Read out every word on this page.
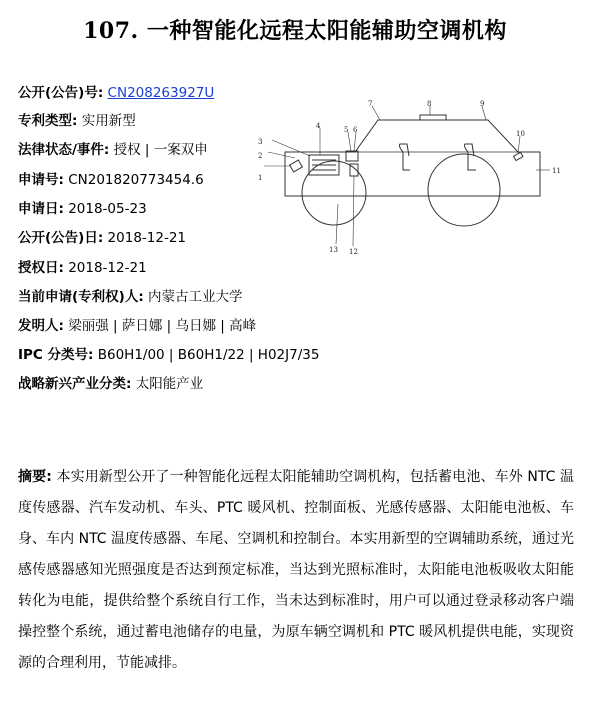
107. 一种智能化远程太阳能辅助空调机构
公开(公告)号: CN208263927U
专利类型: 实用新型
法律状态/事件: 授权 | 一案双申
申请号: CN201820773454.6
申请日: 2018-05-23
公开(公告)日: 2018-12-21
授权日: 2018-12-21
当前申请(专利权)人: 内蒙古工业大学
发明人: 梁丽强 | 萨日娜 | 乌日娜 | 高峰
IPC 分类号: B60H1/00 | B60H1/22 | H02J7/35
战略新兴产业分类: 太阳能产业
1
2
3
4	5 6
7	8	9
10
11
12
13
摘要: 本实用新型公开了一种智能化远程太阳能辅助空调机构，包括蓄电池、车外 NTC 温度传感器、汽车发动机、车头、PTC 暖风机、控制面板、光感传感器、太阳能电池板、车身、车内 NTC 温度传感器、车尾、空调机和控制台。本实用新型的空调辅助系统，通过光感传感器感知光照强度是否达到预定标准，当达到光照标准时，太阳能电池板吸收太阳能转化为电能，提供给整个系统自行工作，当未达到标准时，用户可以通过登录移动客户端操控整个系统，通过蓄电池储存的电量，为原车辆空调机和 PTC 暖风机提供电能，实现资源的合理利用，节能减排。
